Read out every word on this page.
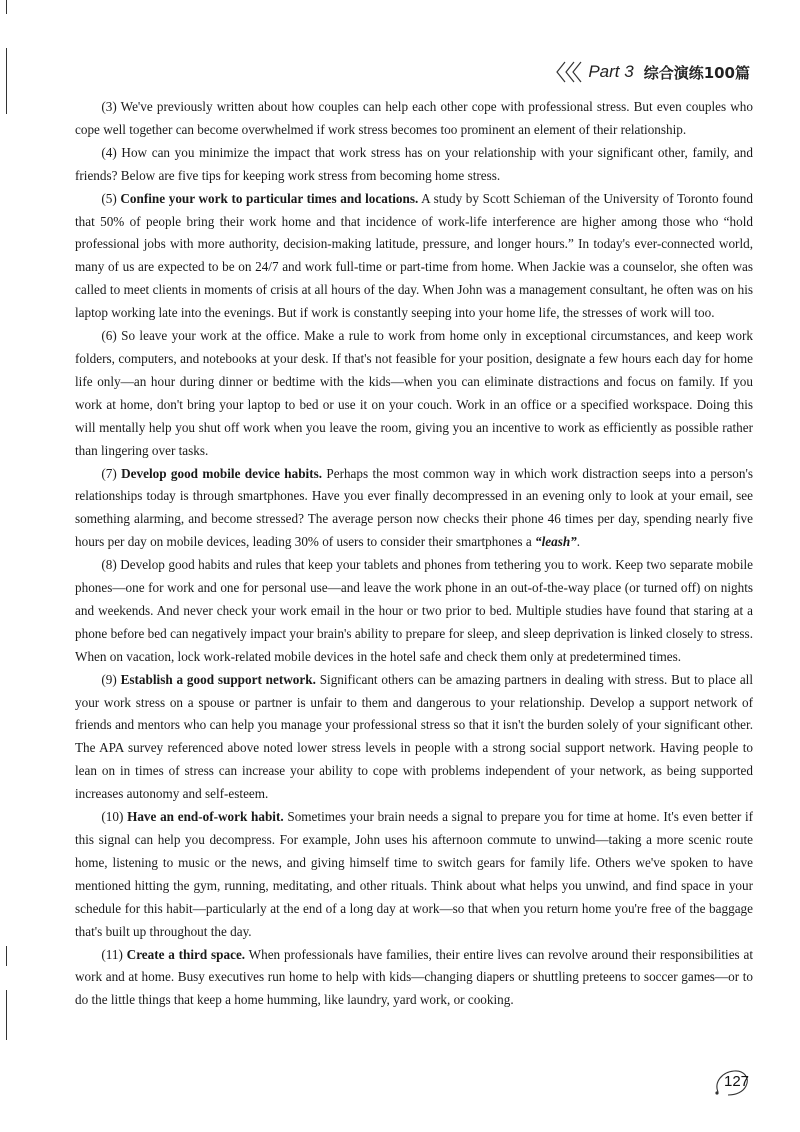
Part 3 综合演练100篇

(3) We've previously written about how couples can help each other cope with professional stress. But even couples who cope well together can become overwhelmed if work stress becomes too prominent an element of their relationship.

(4) How can you minimize the impact that work stress has on your relationship with your significant other, family, and friends? Below are five tips for keeping work stress from becoming home stress.

(5) Confine your work to particular times and locations. A study by Scott Schieman of the University of Toronto found that 50% of people bring their work home and that incidence of work-life interference are higher among those who “hold professional jobs with more authority, decision-making latitude, pressure, and longer hours.” In today's ever-connected world, many of us are expected to be on 24/7 and work full-time or part-time from home. When Jackie was a counselor, she often was called to meet clients in moments of crisis at all hours of the day. When John was a management consultant, he often was on his laptop working late into the evenings. But if work is constantly seeping into your home life, the stresses of work will too.

(6) So leave your work at the office. Make a rule to work from home only in exceptional circumstances, and keep work folders, computers, and notebooks at your desk. If that's not feasible for your position, designate a few hours each day for home life only—an hour during dinner or bedtime with the kids—when you can eliminate distractions and focus on family. If you work at home, don't bring your laptop to bed or use it on your couch. Work in an office or a specified workspace. Doing this will mentally help you shut off work when you leave the room, giving you an incentive to work as efficiently as possible rather than lingering over tasks.

(7) Develop good mobile device habits. Perhaps the most common way in which work distraction seeps into a person's relationships today is through smartphones. Have you ever finally decompressed in an evening only to look at your email, see something alarming, and become stressed? The average person now checks their phone 46 times per day, spending nearly five hours per day on mobile devices, leading 30% of users to consider their smartphones a “leash”.

(8) Develop good habits and rules that keep your tablets and phones from tethering you to work. Keep two separate mobile phones—one for work and one for personal use—and leave the work phone in an out-of-the-way place (or turned off) on nights and weekends. And never check your work email in the hour or two prior to bed. Multiple studies have found that staring at a phone before bed can negatively impact your brain's ability to prepare for sleep, and sleep deprivation is linked closely to stress. When on vacation, lock work-related mobile devices in the hotel safe and check them only at predetermined times.

(9) Establish a good support network. Significant others can be amazing partners in dealing with stress. But to place all your work stress on a spouse or partner is unfair to them and dangerous to your relationship. Develop a support network of friends and mentors who can help you manage your professional stress so that it isn't the burden solely of your significant other. The APA survey referenced above noted lower stress levels in people with a strong social support network. Having people to lean on in times of stress can increase your ability to cope with problems independent of your network, as being supported increases autonomy and self-esteem.

(10) Have an end-of-work habit. Sometimes your brain needs a signal to prepare you for time at home. It's even better if this signal can help you decompress. For example, John uses his afternoon commute to unwind—taking a more scenic route home, listening to music or the news, and giving himself time to switch gears for family life. Others we've spoken to have mentioned hitting the gym, running, meditating, and other rituals. Think about what helps you unwind, and find space in your schedule for this habit—particularly at the end of a long day at work—so that when you return home you're free of the baggage that's built up throughout the day.

(11) Create a third space. When professionals have families, their entire lives can revolve around their responsibilities at work and at home. Busy executives run home to help with kids—changing diapers or shuttling preteens to soccer games—or to do the little things that keep a home humming, like laundry, yard work, or cooking.

127
